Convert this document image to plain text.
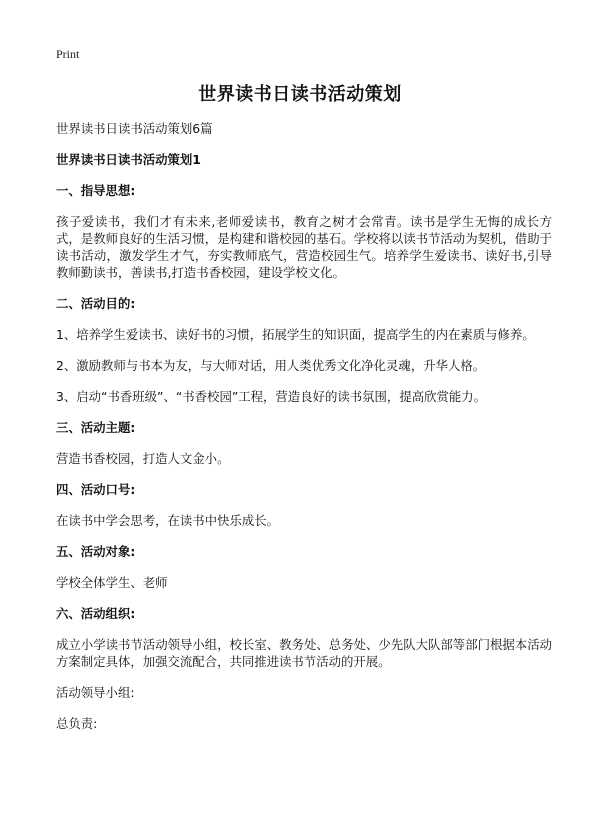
Print
世界读书日读书活动策划
世界读书日读书活动策划6篇
世界读书日读书活动策划1
一、指导思想:
孩子爱读书，我们才有未来,老师爱读书，教育之树才会常青。读书是学生无悔的成长方式，是教师良好的生活习惯，是构建和谐校园的基石。学校将以读书节活动为契机，借助于读书活动，激发学生才气，夯实教师底气，营造校园生气。培养学生爱读书、读好书,引导教师勤读书，善读书,打造书香校园，建设学校文化。
二、活动目的:
1、培养学生爱读书、读好书的习惯，拓展学生的知识面，提高学生的内在素质与修养。
2、激励教师与书本为友，与大师对话，用人类优秀文化净化灵魂，升华人格。
3、启动“书香班级”、“书香校园”工程，营造良好的读书氛围，提高欣赏能力。
三、活动主题:
营造书香校园，打造人文金小。
四、活动口号:
在读书中学会思考，在读书中快乐成长。
五、活动对象:
学校全体学生、老师
六、活动组织:
成立小学读书节活动领导小组，校长室、教务处、总务处、少先队大队部等部门根据本活动方案制定具体，加强交流配合，共同推进读书节活动的开展。
活动领导小组:
总负责:
